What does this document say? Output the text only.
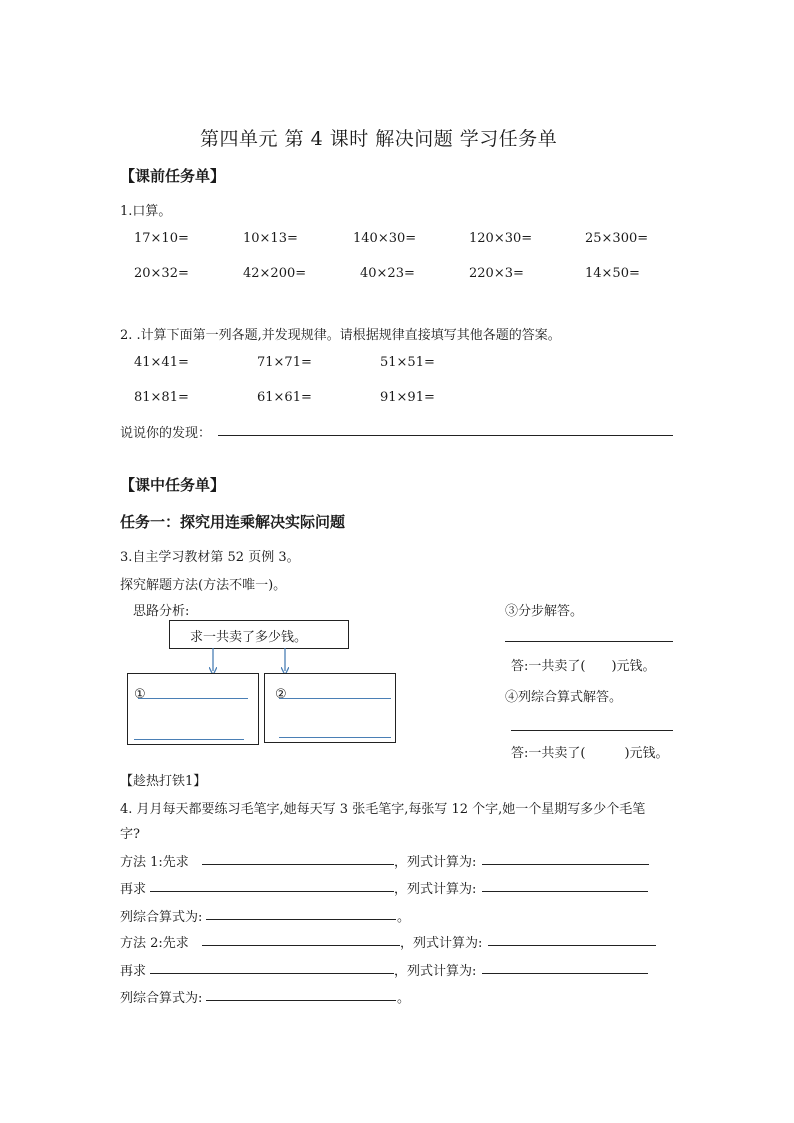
第四单元 第 4 课时 解决问题 学习任务单
【课前任务单】
1.口算。
17×10=	10×13=	140×30=	120×30=	25×300=
20×32=	42×200=	40×23=	220×3=	14×50=
2. .计算下面第一列各题,并发现规律。请根据规律直接填写其他各题的答案。
41×41=	71×71=	51×51=
81×81=	61×61=	91×91=
说说你的发现：
【课中任务单】
任务一：探究用连乘解决实际问题
3.自主学习教材第 52 页例 3。
探究解题方法(方法不唯一)。
思路分析:
求一共卖了多少钱。
①	②
③分步解答。
答:一共卖了(　　)元钱。
④列综合算式解答。
答:一共卖了(　　　)元钱。
【趁热打铁1】
4. 月月每天都要练习毛笔字,她每天写 3 张毛笔字,每张写 12 个字,她一个星期写多少个毛笔
字?
方法 1:先求	，列式计算为:
再求	，列式计算为:
列综合算式为:	。
方法 2:先求	，列式计算为:
再求	，列式计算为:
列综合算式为:	。
